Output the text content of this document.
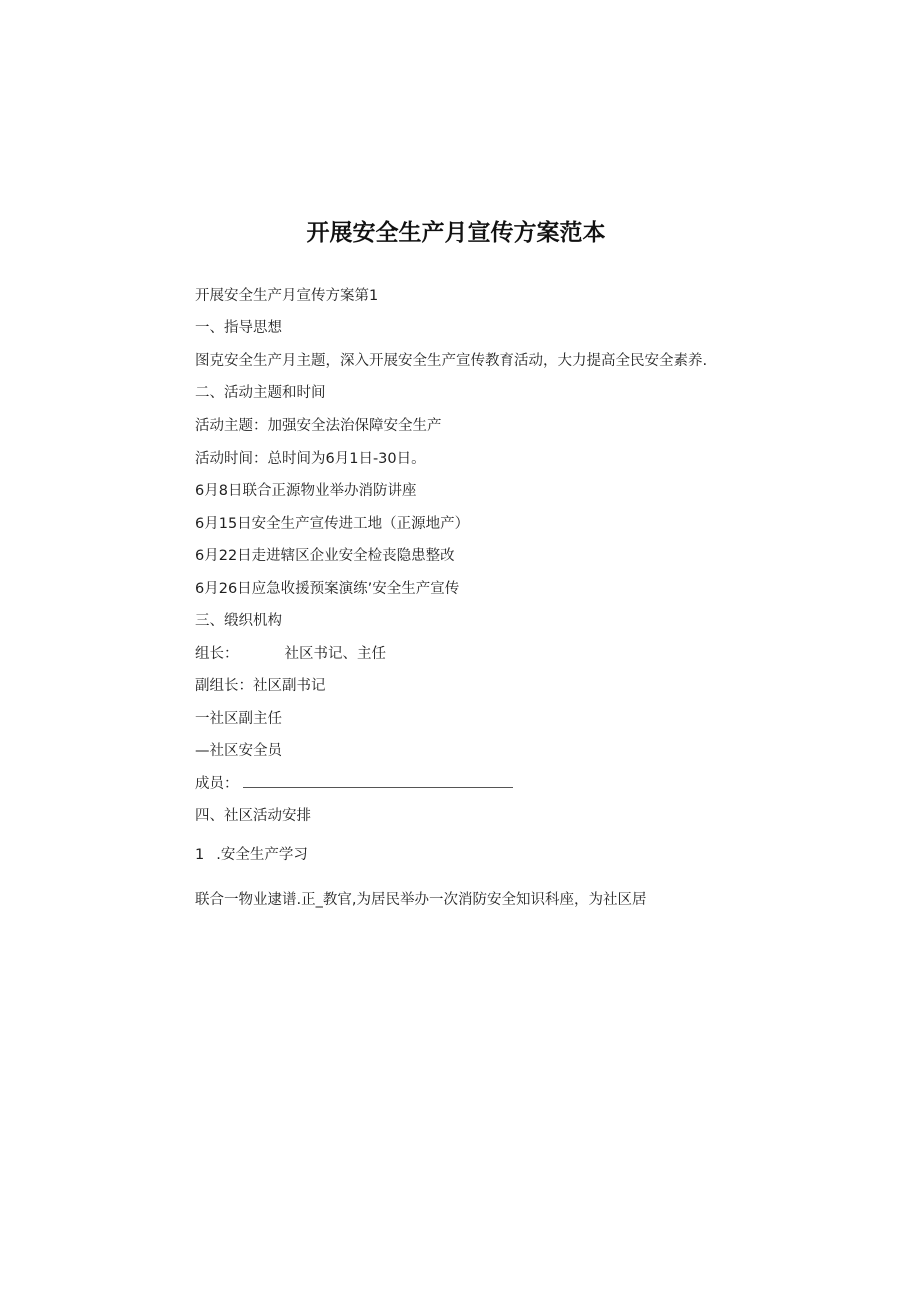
开展安全生产月宣传方案范本
开展安全生产月宣传方案第1
一、指导思想
图克安全生产月主题，深入开展安全生产宣传教育活动，大力提高全民安全素养.
二、活动主题和时间
活动主题：加强安全法治保障安全生产
活动时间：总时间为6月1日-30日。
6月8日联合正源物业举办消防讲座
6月15日安全生产宣传进工地（正源地产）
6月22日走进辖区企业安全检丧隐患整改
6月26日应急收援预案演练’安全生产宣传
三、缎织机构
组长：	社区书记、主任
副组长：社区副书记
一社区副主任
—社区安全员
成员：
四、社区活动安排
1 .安全生产学习
联合一物业逮谱.正_教官,为居民举办一次消防安全知识科座，为社区居
